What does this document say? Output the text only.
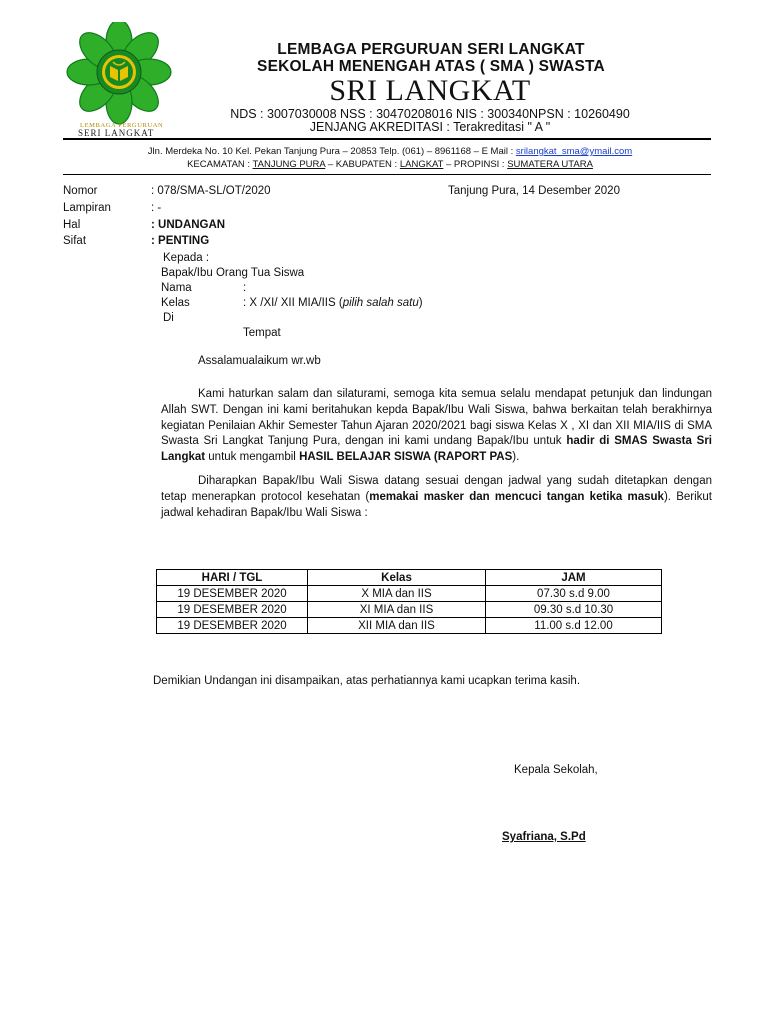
LEMBAGA PERGURUAN
SERI LANGKAT
LEMBAGA PERGURUAN SERI LANGKAT
SEKOLAH MENENGAH ATAS ( SMA ) SWASTA
SRI LANGKAT
NDS : 3007030008 NSS : 30470208016 NIS : 300340NPSN : 10260490
JENJANG AKREDITASI : Terakreditasi " A "
Jln. Merdeka No. 10 Kel. Pekan Tanjung Pura – 20853 Telp. (061) – 8961168 – E Mail : srilangkat_sma@ymail.com
KECAMATAN : TANJUNG PURA – KABUPATEN : LANGKAT – PROPINSI : SUMATERA UTARA
Nomor	: 078/SMA-SL/OT/2020	Tanjung Pura, 14 Desember 2020
Lampiran	: -
Hal	: UNDANGAN
Sifat	: PENTING
Kepada :
Bapak/Ibu Orang Tua Siswa
Nama	:
Kelas	: X /XI/ XII MIA/IIS (pilih salah satu)
Di
Tempat
Assalamualaikum wr.wb
Kami haturkan salam dan silaturami, semoga kita semua selalu mendapat petunjuk dan lindungan Allah SWT. Dengan ini kami beritahukan kepda Bapak/Ibu Wali Siswa, bahwa berkaitan telah berakhirnya kegiatan Penilaian Akhir Semester Tahun Ajaran 2020/2021 bagi siswa Kelas X , XI dan XII MIA/IIS di SMA Swasta Sri Langkat Tanjung Pura, dengan ini kami undang Bapak/Ibu untuk hadir di SMAS Swasta Sri Langkat untuk mengambil HASIL BELAJAR SISWA (RAPORT PAS).
Diharapkan Bapak/Ibu Wali Siswa datang sesuai dengan jadwal yang sudah ditetapkan dengan tetap menerapkan protocol kesehatan (memakai masker dan mencuci tangan ketika masuk). Berikut jadwal kehadiran Bapak/Ibu Wali Siswa :
HARI / TGL	Kelas	JAM
19 DESEMBER 2020	X MIA dan IIS	07.30 s.d 9.00
19 DESEMBER 2020	XI MIA dan IIS	09.30 s.d 10.30
19 DESEMBER 2020	XII MIA dan IIS	11.00 s.d 12.00
Demikian Undangan ini disampaikan, atas perhatiannya kami ucapkan terima kasih.
Kepala Sekolah,
Syafriana, S.Pd
